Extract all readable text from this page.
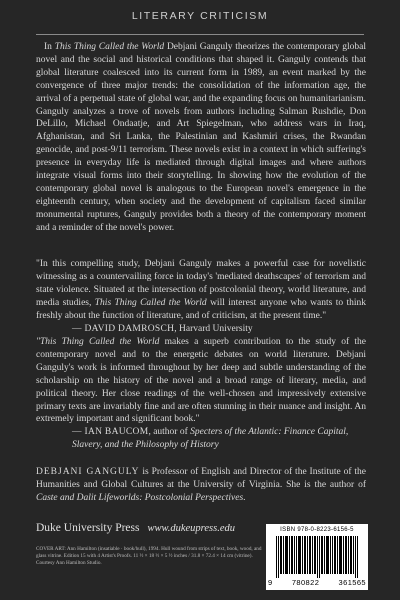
LITERARY CRITICISM
In This Thing Called the World Debjani Ganguly theorizes the contemporary global novel and the social and historical conditions that shaped it. Ganguly contends that global literature coalesced into its current form in 1989, an event marked by the convergence of three major trends: the consolidation of the information age, the arrival of a perpetual state of global war, and the expanding focus on humanitarianism. Ganguly analyzes a trove of novels from authors including Salman Rushdie, Don DeLillo, Michael Ondaatje, and Art Spiegelman, who address wars in Iraq, Afghanistan, and Sri Lanka, the Palestinian and Kashmiri crises, the Rwandan genocide, and post-9/11 terrorism. These novels exist in a context in which suffering's presence in everyday life is mediated through digital images and where authors integrate visual forms into their storytelling. In showing how the evolution of the contemporary global novel is analogous to the European novel's emergence in the eighteenth century, when society and the development of capitalism faced similar monumental ruptures, Ganguly provides both a theory of the contemporary moment and a reminder of the novel's power.
"In this compelling study, Debjani Ganguly makes a powerful case for novelistic witnessing as a countervailing force in today's 'mediated deathscapes' of terrorism and state violence. Situated at the intersection of postcolonial theory, world literature, and media studies, This Thing Called the World will interest anyone who wants to think freshly about the function of literature, and of criticism, at the present time."
— DAVID DAMROSCH, Harvard University
"This Thing Called the World makes a superb contribution to the study of the contemporary novel and to the energetic debates on world literature. Debjani Ganguly's work is informed throughout by her deep and subtle understanding of the scholarship on the history of the novel and a broad range of literary, media, and political theory. Her close readings of the well-chosen and impressively extensive primary texts are invariably fine and are often stunning in their nuance and insight. An extremely important and significant book."
— IAN BAUCOM, author of Specters of the Atlantic: Finance Capital, Slavery, and the Philosophy of History
DEBJANI GANGULY is Professor of English and Director of the Institute of the Humanities and Global Cultures at the University of Virginia. She is the author of Caste and Dalit Lifeworlds: Postcolonial Perspectives.
Duke University Press www.dukeupress.edu
COVER ART: Ann Hamilton (insatiable · book/hull), 1994. Hull wound from strips of text, book, wood, and glass vitrine. Edition 15 with 4 Artist's Proofs. 11 ½ × 18 ½ × 5 ½ inches / 31.8 × 72.4 × 14 cm (vitrine). Courtesy Ann Hamilton Studio.
ISBN 978-0-8223-6156-5
9	780822	361565
